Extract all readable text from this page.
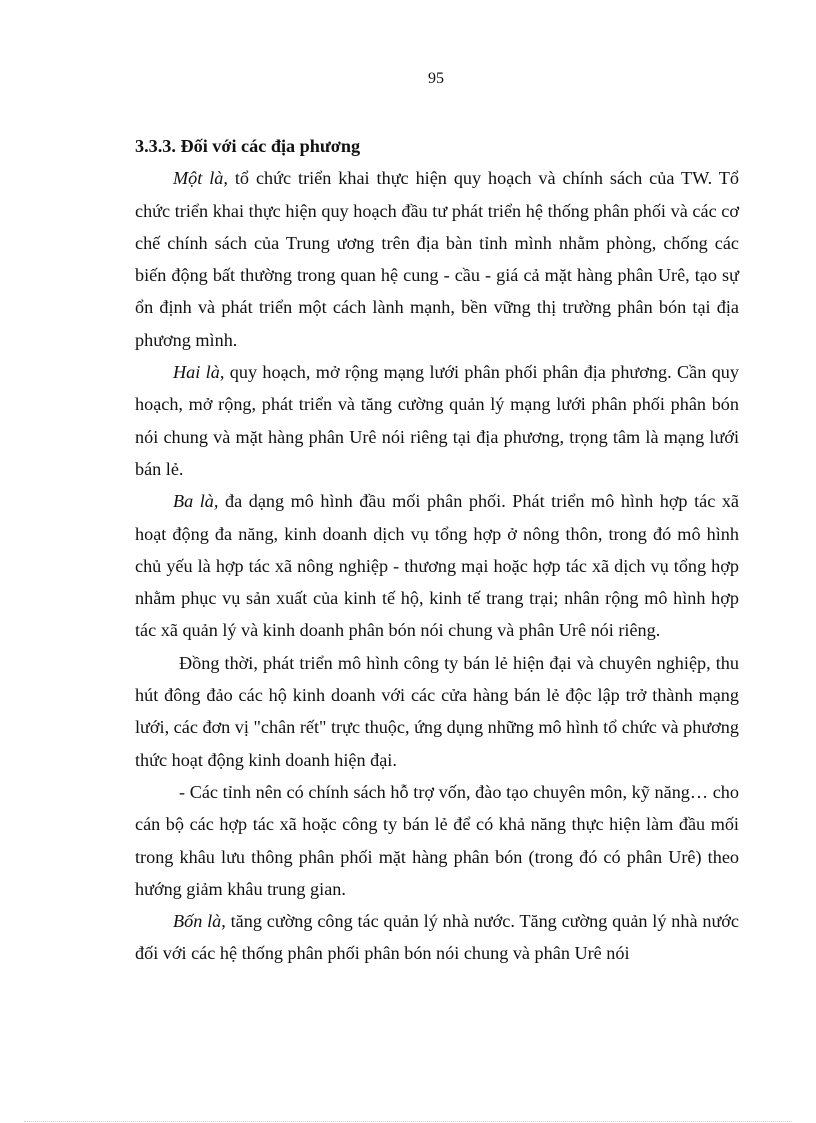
95

3.3.3. Đối với các địa phương

Một là, tổ chức triển khai thực hiện quy hoạch và chính sách của TW. Tổ chức triển khai thực hiện quy hoạch đầu tư phát triển hệ thống phân phối và các cơ chế chính sách của Trung ương trên địa bàn tỉnh mình nhằm phòng, chống các biến động bất thường trong quan hệ cung - cầu - giá cả mặt hàng phân Urê, tạo sự ổn định và phát triển một cách lành mạnh, bền vững thị trường phân bón tại địa phương mình.

Hai là, quy hoạch, mở rộng mạng lưới phân phối phân địa phương. Cần quy hoạch, mở rộng, phát triển và tăng cường quản lý mạng lưới phân phối phân bón nói chung và mặt hàng phân Urê nói riêng tại địa phương, trọng tâm là mạng lưới bán lẻ.

Ba là, đa dạng mô hình đầu mối phân phối. Phát triển mô hình hợp tác xã hoạt động đa năng, kinh doanh dịch vụ tổng hợp ở nông thôn, trong đó mô hình chủ yếu là hợp tác xã nông nghiệp - thương mại hoặc hợp tác xã dịch vụ tổng hợp nhằm phục vụ sản xuất của kinh tế hộ, kinh tế trang trại; nhân rộng mô hình hợp tác xã quản lý và kinh doanh phân bón nói chung và phân Urê nói riêng.

Đồng thời, phát triển mô hình công ty bán lẻ hiện đại và chuyên nghiệp, thu hút đông đảo các hộ kinh doanh với các cửa hàng bán lẻ độc lập trở thành mạng lưới, các đơn vị "chân rết" trực thuộc, ứng dụng những mô hình tổ chức và phương thức hoạt động kinh doanh hiện đại.

- Các tỉnh nên có chính sách hỗ trợ vốn, đào tạo chuyên môn, kỹ năng… cho cán bộ các hợp tác xã hoặc công ty bán lẻ để có khả năng thực hiện làm đầu mối trong khâu lưu thông phân phối mặt hàng phân bón (trong đó có phân Urê) theo hướng giảm khâu trung gian.

Bốn là, tăng cường công tác quản lý nhà nước. Tăng cường quản lý nhà nước đối với các hệ thống phân phối phân bón nói chung và phân Urê nói
